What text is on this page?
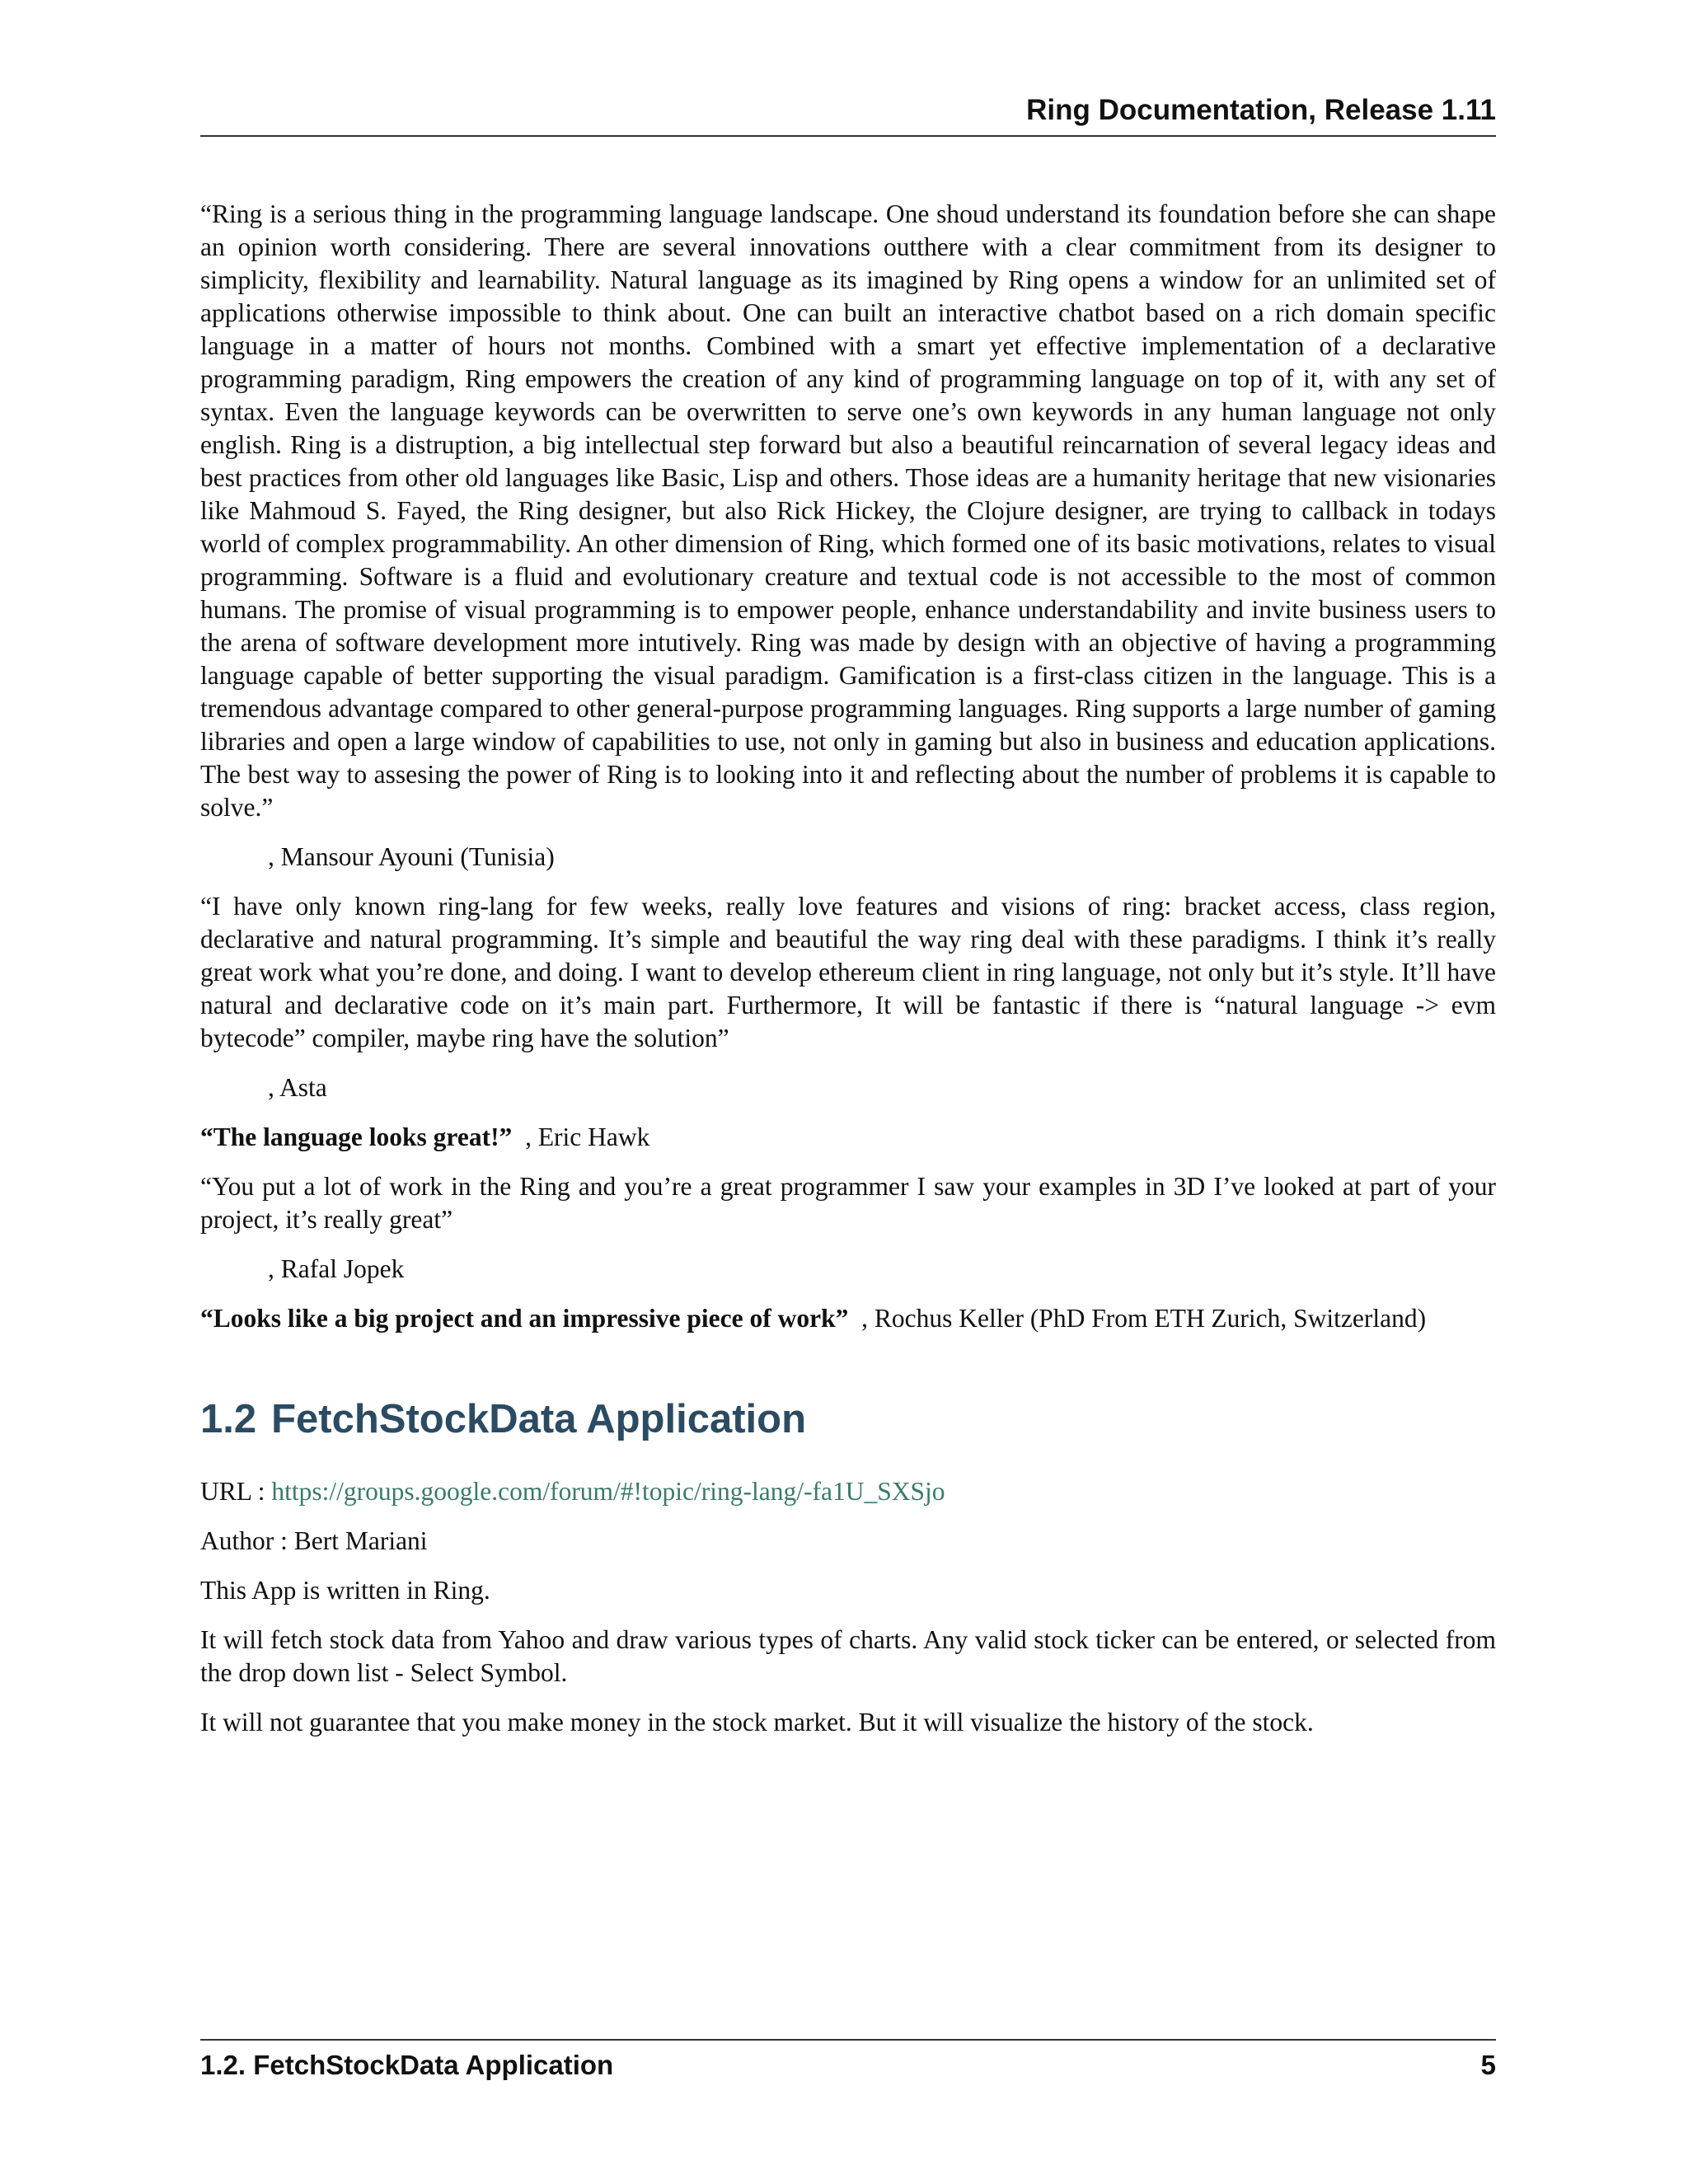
Ring Documentation, Release 1.11

“Ring is a serious thing in the programming language landscape. One shoud understand its foundation before she can shape an opinion worth considering. There are several innovations outthere with a clear commitment from its designer to simplicity, flexibility and learnability. Natural language as its imagined by Ring opens a window for an unlimited set of applications otherwise impossible to think about. One can built an interactive chatbot based on a rich domain specific language in a matter of hours not months. Combined with a smart yet effective implementation of a declarative programming paradigm, Ring empowers the creation of any kind of programming language on top of it, with any set of syntax. Even the language keywords can be overwritten to serve one’s own keywords in any human language not only english. Ring is a distruption, a big intellectual step forward but also a beautiful reincarnation of several legacy ideas and best practices from other old languages like Basic, Lisp and others. Those ideas are a humanity heritage that new visionaries like Mahmoud S. Fayed, the Ring designer, but also Rick Hickey, the Clojure designer, are trying to callback in todays world of complex programmability. An other dimension of Ring, which formed one of its basic motivations, relates to visual programming. Software is a fluid and evolutionary creature and textual code is not accessible to the most of common humans. The promise of visual programming is to empower people, enhance understandability and invite business users to the arena of software development more intutively. Ring was made by design with an objective of having a programming language capable of better supporting the visual paradigm. Gamification is a first-class citizen in the language. This is a tremendous advantage compared to other general-purpose programming languages. Ring supports a large number of gaming libraries and open a large window of capabilities to use, not only in gaming but also in business and education applications. The best way to assesing the power of Ring is to looking into it and reflecting about the number of problems it is capable to solve.”

, Mansour Ayouni (Tunisia)

“I have only known ring-lang for few weeks, really love features and visions of ring: bracket access, class region, declarative and natural programming. It’s simple and beautiful the way ring deal with these paradigms. I think it’s really great work what you’re done, and doing. I want to develop ethereum client in ring language, not only but it’s style. It’ll have natural and declarative code on it’s main part. Furthermore, It will be fantastic if there is “natural language -> evm bytecode” compiler, maybe ring have the solution”

, Asta

“The language looks great!” , Eric Hawk

“You put a lot of work in the Ring and you’re a great programmer I saw your examples in 3D I’ve looked at part of your project, it’s really great”

, Rafal Jopek

“Looks like a big project and an impressive piece of work” , Rochus Keller (PhD From ETH Zurich, Switzerland)

1.2 FetchStockData Application

URL : https://groups.google.com/forum/#!topic/ring-lang/-fa1U_SXSjo

Author : Bert Mariani

This App is written in Ring.

It will fetch stock data from Yahoo and draw various types of charts. Any valid stock ticker can be entered, or selected from the drop down list - Select Symbol.

It will not guarantee that you make money in the stock market. But it will visualize the history of the stock.

1.2. FetchStockData Application	5
